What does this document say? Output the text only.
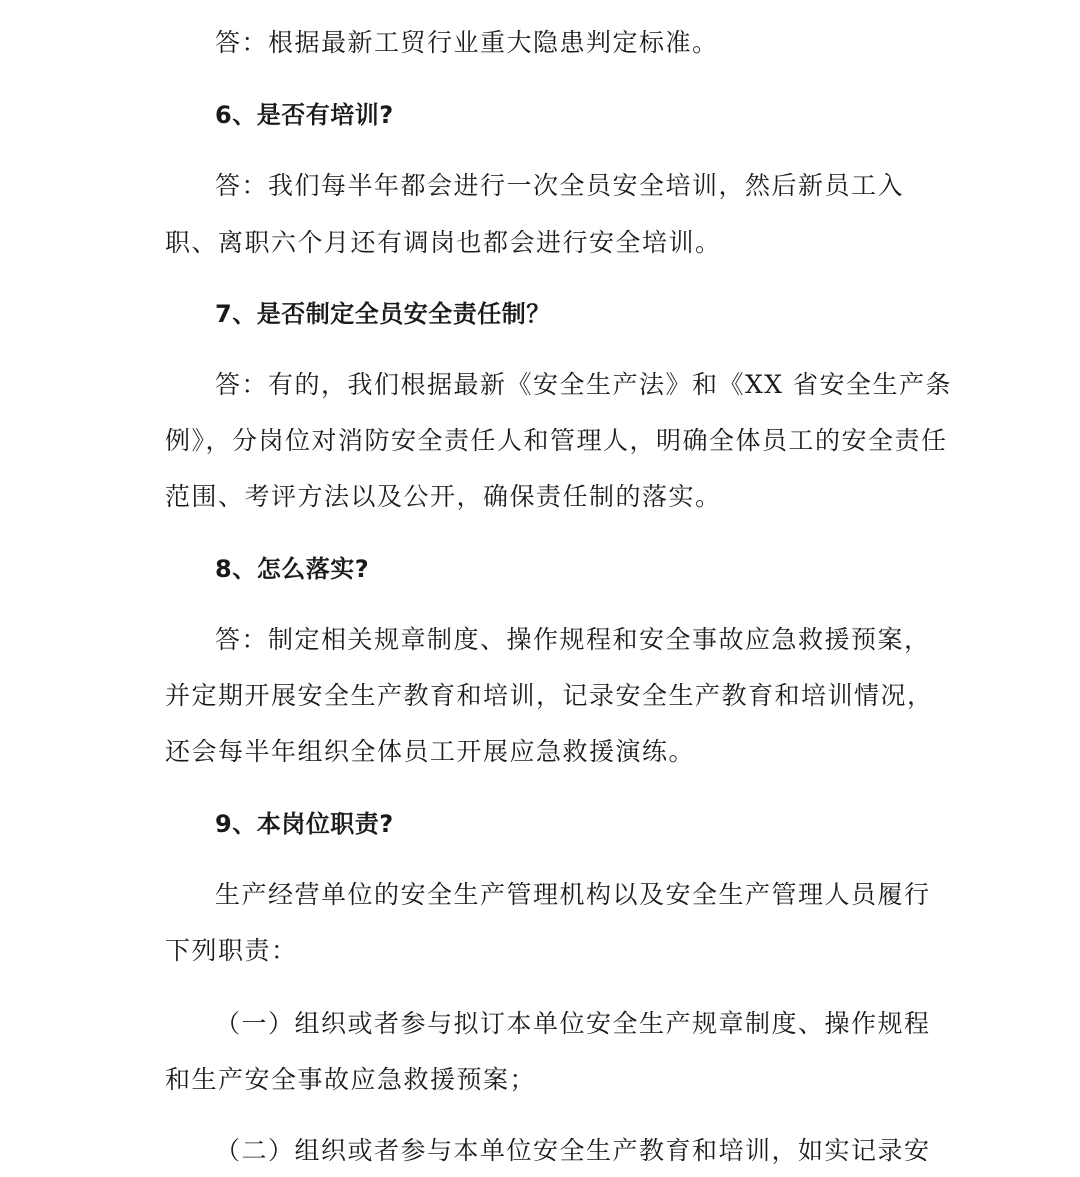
答：根据最新工贸行业重大隐患判定标准。
6、是否有培训?
答：我们每半年都会进行一次全员安全培训，然后新员工入
职、离职六个月还有调岗也都会进行安全培训。
7、是否制定全员安全责任制？
答：有的，我们根据最新《安全生产法》和《XX 省安全生产条
例》，分岗位对消防安全责任人和管理人，明确全体员工的安全责任
范围、考评方法以及公开，确保责任制的落实。
8、怎么落实?
答：制定相关规章制度、操作规程和安全事故应急救援预案，
并定期开展安全生产教育和培训，记录安全生产教育和培训情况，
还会每半年组织全体员工开展应急救援演练。
9、本岗位职责?
生产经营单位的安全生产管理机构以及安全生产管理人员履行
下列职责：
（一）组织或者参与拟订本单位安全生产规章制度、操作规程
和生产安全事故应急救援预案；
（二）组织或者参与本单位安全生产教育和培训，如实记录安
